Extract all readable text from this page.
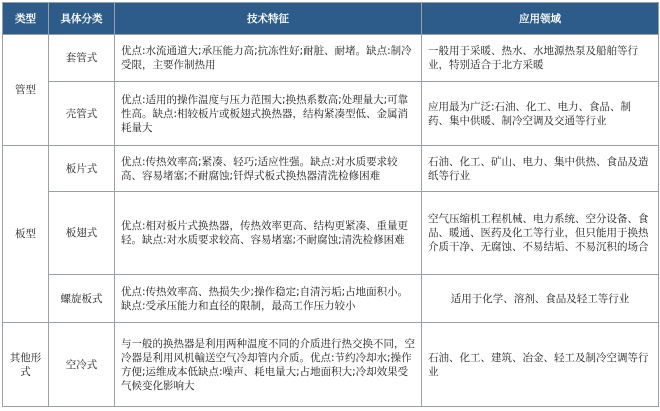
类型	具体分类	技术特征	应用领域
管型	套管式	优点:水流通道大;承压能力高;抗冻性好;耐脏、耐堵。缺点:制冷受限，主要作制热用	一般用于采暖、热水、水地源热泵及船舶等行业，特别适合于北方采暖
	壳管式	优点:适用的操作温度与压力范围大;换热系数高;处理量大;可靠性高。缺点:相较板片或板翅式换热器，结构紧凑型低、金属消耗量大	应用最为广泛:石油、化工、电力、食品、制药、集中供暖、制冷空调及交通等行业
板型	板片式	优点:传热效率高;紧凑、轻巧;适应性强。缺点:对水质要求较高、容易堵塞;不耐腐蚀;钎焊式板式换热器清洗检修困难	石油、化工、矿山、电力、集中供热、食品及造纸等行业
	板翅式	优点:相对板片式换热器，传热效率更高、结构更紧凑、重量更轻。缺点:对水质要求较高、容易堵塞;不耐腐蚀;清洗检修困难	空气压缩机工程机械、电力系统、空分设备、食品、暖通、医药及化工等行业，但只能用于换热介质干净、无腐蚀、不易结垢、不易沉积的场合
	螺旋板式	优点:传热效率高、热损失少;操作稳定;自清污垢;占地面积小。缺点:受承压能力和直径的限制，最高工作压力较小	适用于化学、溶剂、食品及轻工等行业
其他形式	空冷式	与一般的换热器是利用两种温度不同的介质进行热交换不同，空冷器是利用风机輸送空气冷却管内介质。优点:节约冷却水;操作方便;运维成本低缺点:噪声、耗电量大;占地面积大;冷却效果受气候变化影响大	石油、化工、建筑、冶金、轻工及制冷空调等行业
